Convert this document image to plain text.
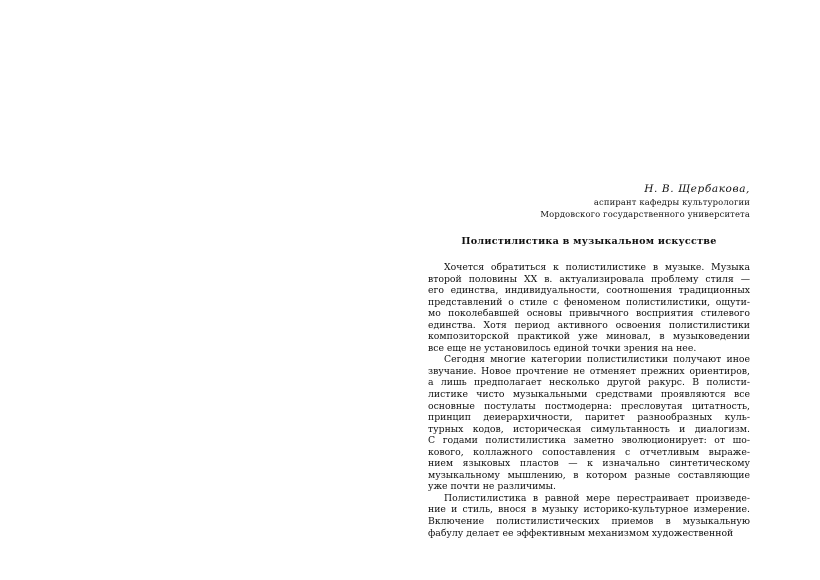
Н. В. Щербакова,
аспирант кафедры культурологии
Мордовского государственного университета
Полистилистика в музыкальном искусстве
Хочется обратиться к полистилистике в музыке. Музыка
второй половины XX в. актуализировала проблему стиля —
его единства, индивидуальности, соотношения традиционных
представлений о стиле с феноменом полистилистики, ощути-
мо поколебавшей основы привычного восприятия стилевого
единства. Хотя период активного освоения полистилистики
композиторской практикой уже миновал, в музыковедении
все еще не установилось единой точки зрения на нее.
Сегодня многие категории полистилистики получают иное
звучание. Новое прочтение не отменяет прежних ориентиров,
а лишь предполагает несколько другой ракурс. В полисти-
листике чисто музыкальными средствами проявляются все
основные постулаты постмодерна: пресловутая цитатность,
принцип деиерархичности, паритет разнообразных куль-
турных кодов, историческая симультанность и диалогизм.
С годами полистилистика заметно эволюционирует: от шо-
кового, коллажного сопоставления с отчетливым выраже-
нием языковых пластов — к изначально синтетическому
музыкальному мышлению, в котором разные составляющие
уже почти не различимы.
Полистилистика в равной мере перестраивает произведе-
ние и стиль, внося в музыку историко-культурное измерение.
Включение полистилистических приемов в музыкальную
фабулу делает ее эффективным механизмом художественной
